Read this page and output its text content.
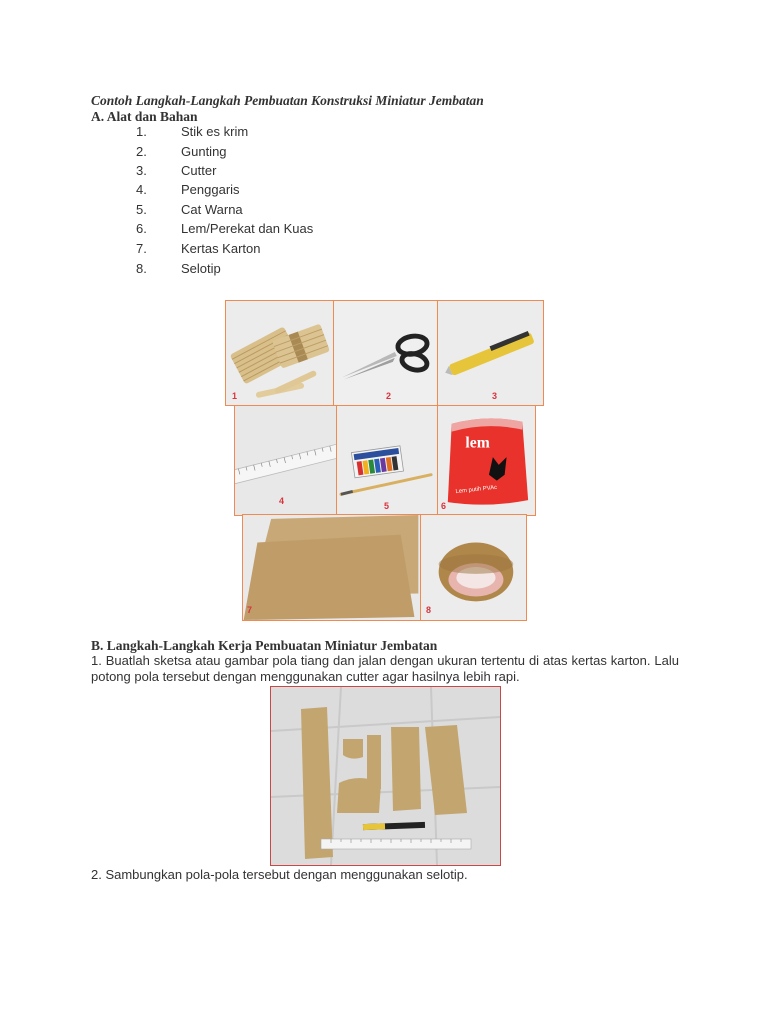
Contoh Langkah-Langkah Pembuatan Konstruksi Miniatur Jembatan
A. Alat dan Bahan
1.	Stik es krim
2.	Gunting
3.	Cutter
4.	Penggaris
5.	Cat Warna
6.	Lem/Perekat dan Kuas
7.	Kertas Karton
8.	Selotip
1	2	3
4	5
lem
Lem putih PVAc
6
7	8
B. Langkah-Langkah Kerja Pembuatan Miniatur Jembatan
1. Buatlah sketsa atau gambar pola tiang dan jalan dengan ukuran tertentu di atas kertas karton. Lalu potong pola tersebut dengan menggunakan cutter agar hasilnya lebih rapi.
2. Sambungkan pola-pola tersebut dengan menggunakan selotip.
